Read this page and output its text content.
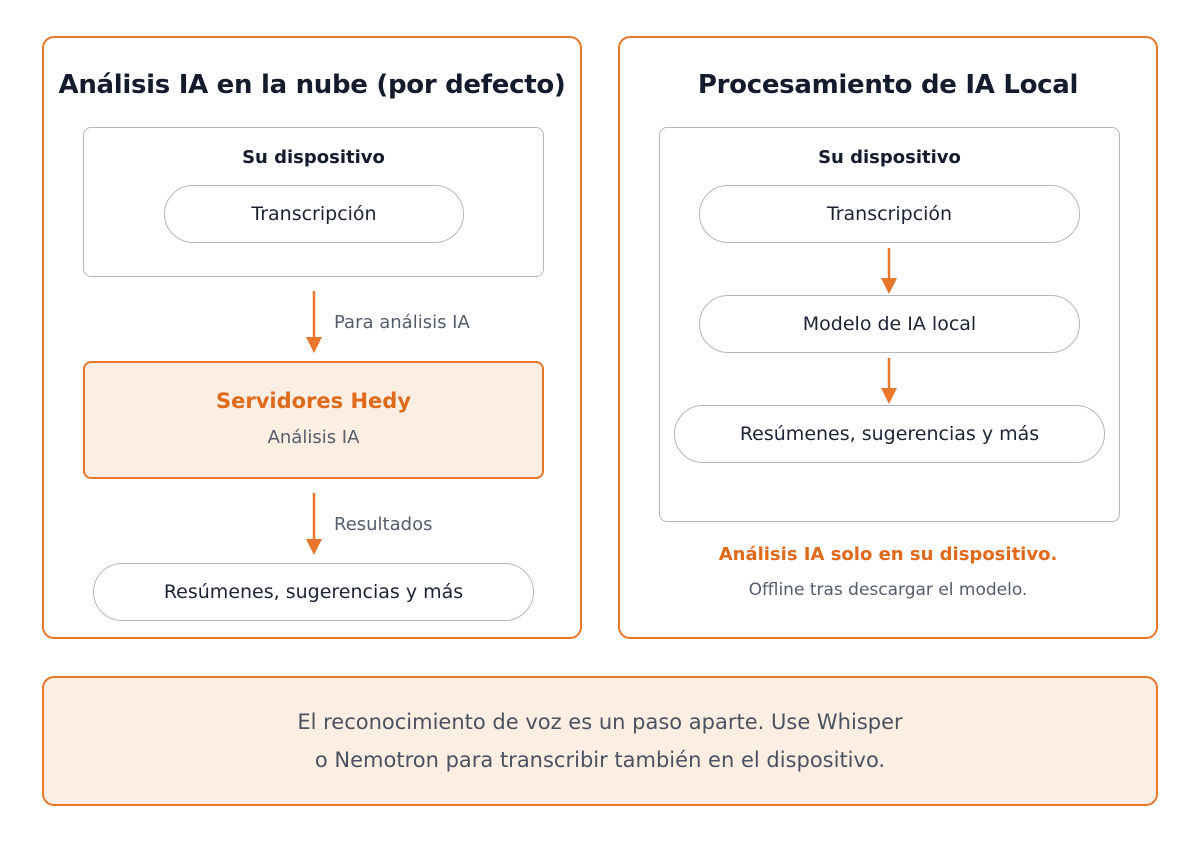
Análisis IA en la nube (por defecto)
Su dispositivo
Transcripción
Para análisis IA
Servidores Hedy
Análisis IA
Resultados
Resúmenes, sugerencias y más
Procesamiento de IA Local
Su dispositivo
Transcripción
Modelo de IA local
Resúmenes, sugerencias y más
Análisis IA solo en su dispositivo.
Offline tras descargar el modelo.
El reconocimiento de voz es un paso aparte. Use Whisper
o Nemotron para transcribir también en el dispositivo.
